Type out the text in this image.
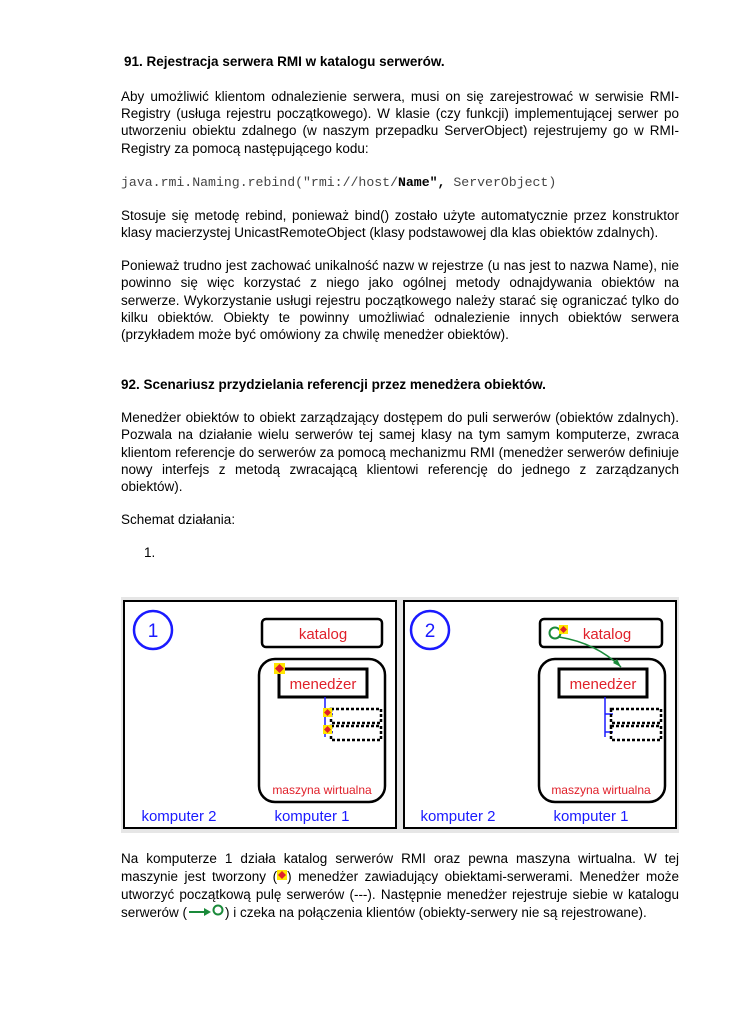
91. Rejestracja serwera RMI w katalogu serwerów.

Aby umożliwić klientom odnalezienie serwera, musi on się zarejestrować w serwisie RMI-Registry (usługa rejestru początkowego). W klasie (czy funkcji) implementującej serwer po utworzeniu obiektu zdalnego (w naszym przepadku ServerObject) rejestrujemy go w RMI-Registry za pomocą następującego kodu:

java.rmi.Naming.rebind("rmi://host/Name", ServerObject)

Stosuje się metodę rebind, ponieważ bind() zostało użyte automatycznie przez konstruktor klasy macierzystej UnicastRemoteObject (klasy podstawowej dla klas obiektów zdalnych).

Ponieważ trudno jest zachować unikalność nazw w rejestrze (u nas jest to nazwa Name), nie powinno się więc korzystać z niego jako ogólnej metody odnajdywania obiektów na serwerze. Wykorzystanie usługi rejestru początkowego należy starać się ograniczać tylko do kilku obiektów. Obiekty te powinny umożliwiać odnalezienie innych obiektów serwera (przykładem może być omówiony za chwilę menedżer obiektów).

92. Scenariusz przydzielania referencji przez menedżera obiektów.

Menedżer obiektów to obiekt zarządzający dostępem do puli serwerów (obiektów zdalnych). Pozwala na działanie wielu serwerów tej samej klasy na tym samym komputerze, zwraca klientom referencje do serwerów za pomocą mechanizmu RMI (menedżer serwerów definiuje nowy interfejs z metodą zwracającą klientowi referencję do jednego z zarządzanych obiektów).

Schemat działania:

1.

1	katalog
menedżer
maszyna wirtualna
komputer 2	komputer 1
2	katalog
menedżer
maszyna wirtualna
komputer 2	komputer 1

Na komputerze 1 działa katalog serwerów RMI oraz pewna maszyna wirtualna. W tej maszynie jest tworzony ( ) menedżer zawiadujący obiektami-serwerami. Menedżer może utworzyć początkową pulę serwerów (---). Następnie menedżer rejestruje siebie w katalogu serwerów (	) i czeka na połączenia klientów (obiekty-serwery nie są rejestrowane).
